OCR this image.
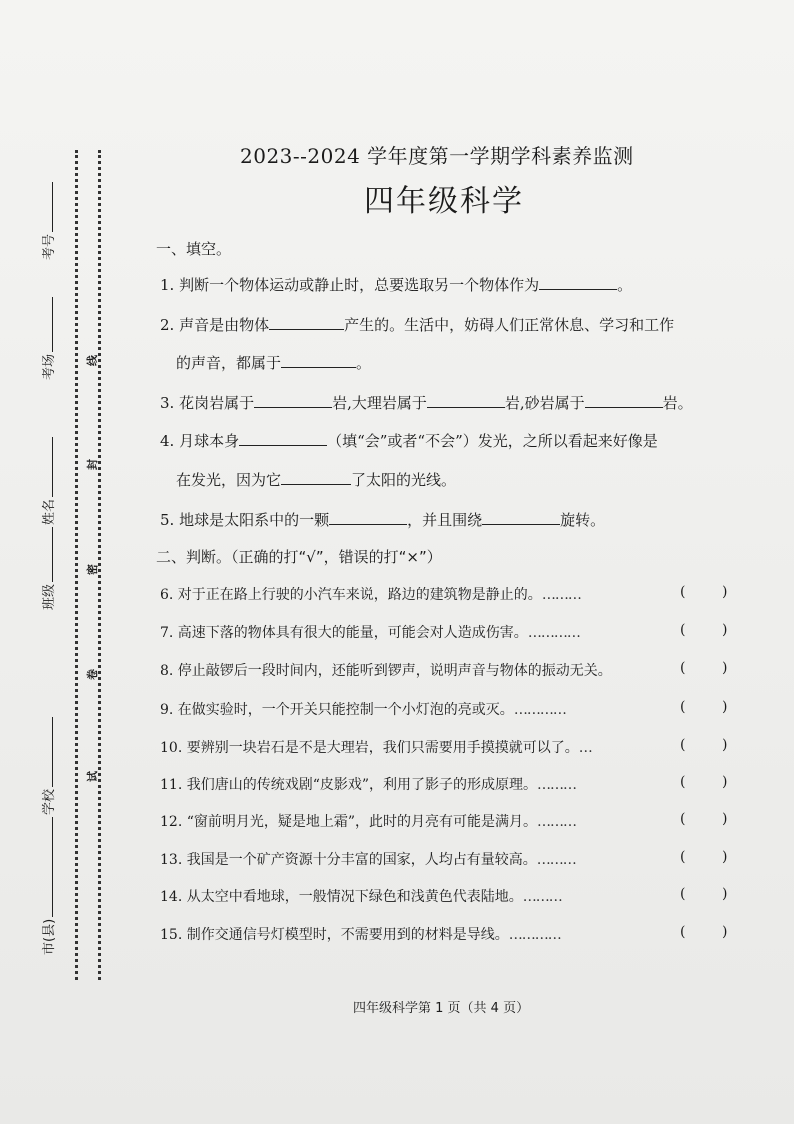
考号
考场
姓名
班级
学校
市(县)
线
封
密
卷
试
2023--2024 学年度第一学期学科素养监测
四年级科学
一、填空。
1. 判断一个物体运动或静止时，总要选取另一个物体作为	。
2. 声音是由物体	产生的。生活中，妨碍人们正常休息、学习和工作
的声音，都属于	。
3. 花岗岩属于	岩,大理岩属于	岩,砂岩属于	岩。
4. 月球本身	（填“会”或者“不会”）发光，之所以看起来好像是
在发光，因为它	了太阳的光线。
5. 地球是太阳系中的一颗	，并且围绕	旋转。
二、判断。（正确的打“√”，错误的打“×”）
6. 对于正在路上行驶的小汽车来说，路边的建筑物是静止的。………
7. 高速下落的物体具有很大的能量，可能会对人造成伤害。…………
8. 停止敲锣后一段时间内，还能听到锣声，说明声音与物体的振动无关。
9. 在做实验时，一个开关只能控制一个小灯泡的亮或灭。…………
10. 要辨别一块岩石是不是大理岩，我们只需要用手摸摸就可以了。…
11. 我们唐山的传统戏剧“皮影戏”，利用了影子的形成原理。………
12. “窗前明月光，疑是地上霜”，此时的月亮有可能是满月。………
13. 我国是一个矿产资源十分丰富的国家，人均占有量较高。………
14. 从太空中看地球，一般情况下绿色和浅黄色代表陆地。………
15. 制作交通信号灯模型时，不需要用到的材料是导线。…………
(	)
(	)
(	)
(	)
(	)
(	)
(	)
(	)
(	)
(	)
四年级科学第 1 页（共 4 页）
